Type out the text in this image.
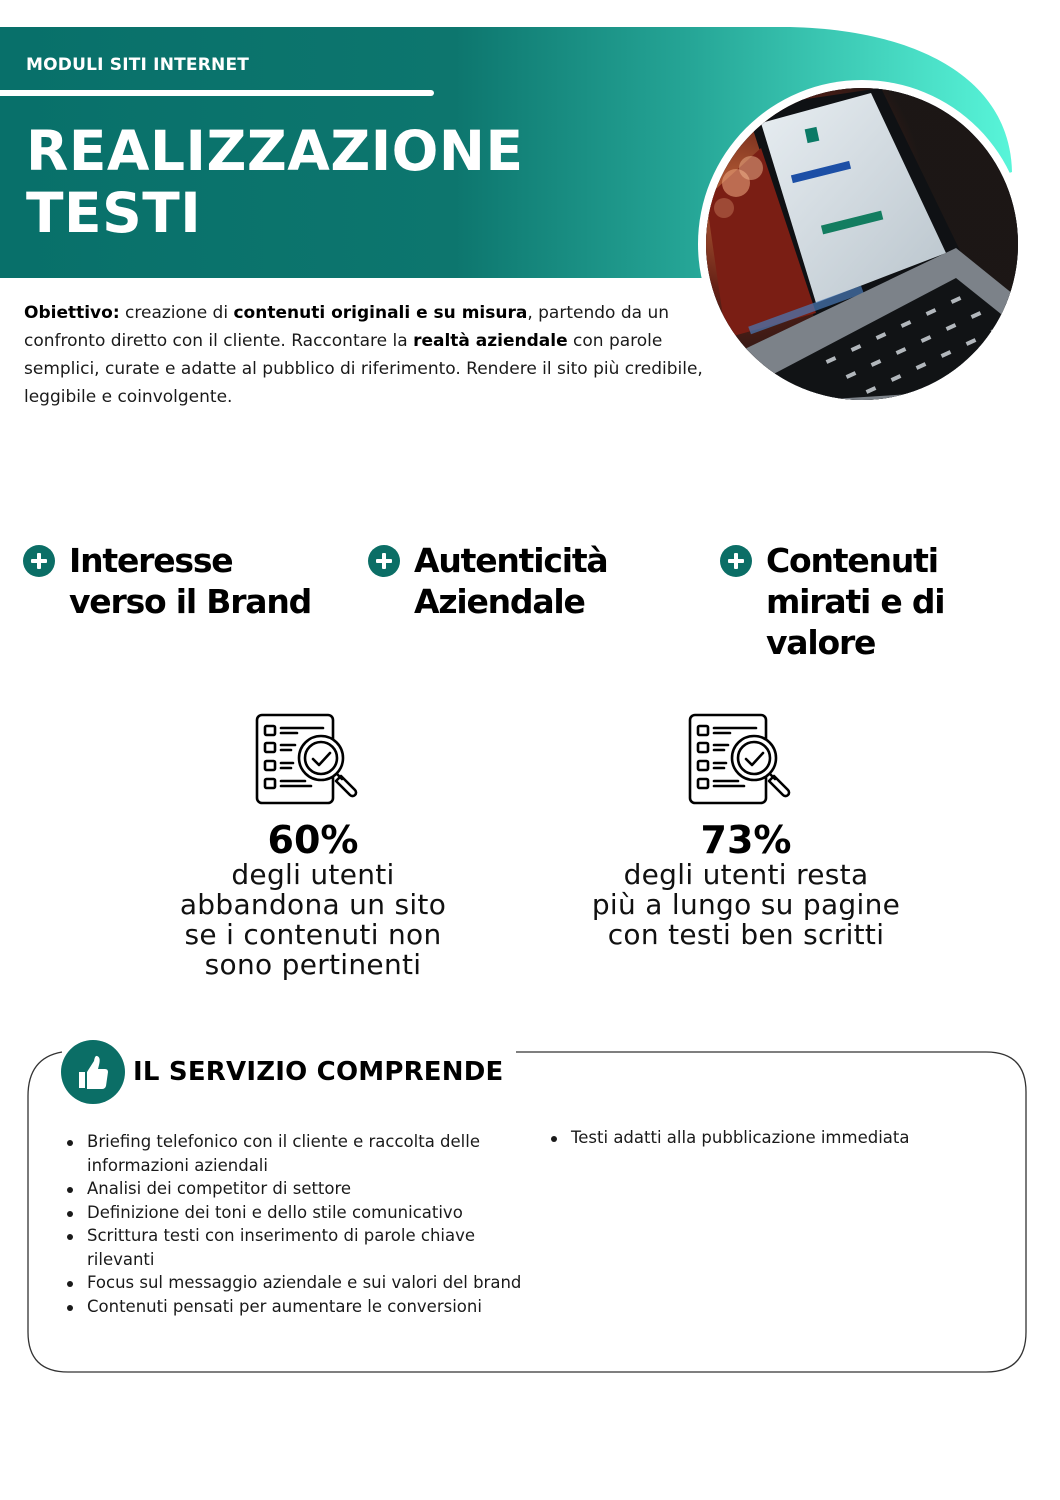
MODULI SITI INTERNET
REALIZZAZIONE
TESTI

Obiettivo: creazione di contenuti originali e su misura, partendo da un confronto diretto con il cliente. Raccontare la realtà aziendale con parole semplici, curate e adatte al pubblico di riferimento. Rendere il sito più credibile, leggibile e coinvolgente.

Interesse
verso il Brand
Autenticità
Aziendale
Contenuti
mirati e di
valore
60%
degli utenti
abbandona un sito
se i contenuti non
sono pertinenti
73%
degli utenti resta
più a lungo su pagine
con testi ben scritti
IL SERVIZIO COMPRENDE
Briefing telefonico con il cliente e raccolta delle informazioni aziendali
Analisi dei competitor di settore
Definizione dei toni e dello stile comunicativo
Scrittura testi con inserimento di parole chiave rilevanti
Focus sul messaggio aziendale e sui valori del brand
Contenuti pensati per aumentare le conversioni
Testi adatti alla pubblicazione immediata
